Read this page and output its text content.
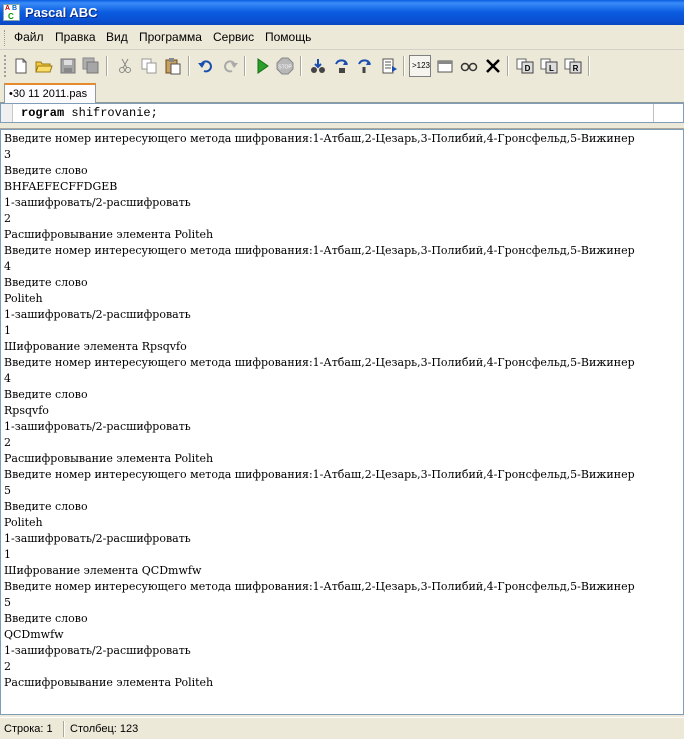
A B
C Pascal ABC
Файл Правка Вид Программа Сервис Помощь
STOP	>123	D L R
•30 11 2011.pas
rogram shifrovanie;
Введите номер интересующего метода шифрования:1-Атбаш,2-Цезарь,3-Полибий,4-Гронсфельд,5-Вижинер
3
Введите слово
BHFAEFECFFDGEB
1-зашифровать/2-расшифровать
2
Расшифровывание элемента Politeh
Введите номер интересующего метода шифрования:1-Атбаш,2-Цезарь,3-Полибий,4-Гронсфельд,5-Вижинер
4
Введите слово
Politeh
1-зашифровать/2-расшифровать
1
Шифрование элемента Rpsqvfo
Введите номер интересующего метода шифрования:1-Атбаш,2-Цезарь,3-Полибий,4-Гронсфельд,5-Вижинер
4
Введите слово
Rpsqvfo
1-зашифровать/2-расшифровать
2
Расшифровывание элемента Politeh
Введите номер интересующего метода шифрования:1-Атбаш,2-Цезарь,3-Полибий,4-Гронсфельд,5-Вижинер
5
Введите слово
Politeh
1-зашифровать/2-расшифровать
1
Шифрование элемента QCDmwfw
Введите номер интересующего метода шифрования:1-Атбаш,2-Цезарь,3-Полибий,4-Гронсфельд,5-Вижинер
5
Введите слово
QCDmwfw
1-зашифровать/2-расшифровать
2
Расшифровывание элемента Politeh
Строка: 1 Столбец: 123
